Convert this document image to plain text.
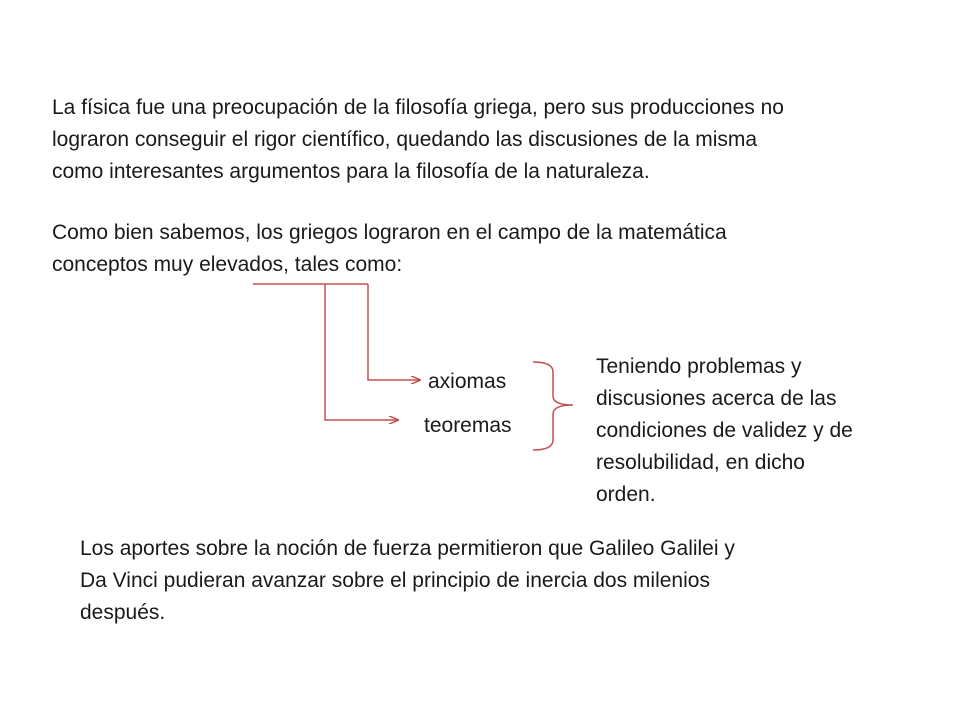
La física fue una preocupación de la filosofía griega, pero sus producciones no
lograron conseguir el rigor científico, quedando las discusiones de la misma
como interesantes argumentos para la filosofía de la naturaleza.

Como bien sabemos, los griegos lograron en el campo de la matemática
conceptos muy elevados, tales como:

axiomas
teoremas

Teniendo problemas y
discusiones acerca de las
condiciones de validez y de
resolubilidad, en dicho
orden.

Los aportes sobre la noción de fuerza permitieron que Galileo Galilei y
Da Vinci pudieran avanzar sobre el principio de inercia dos milenios
después.
